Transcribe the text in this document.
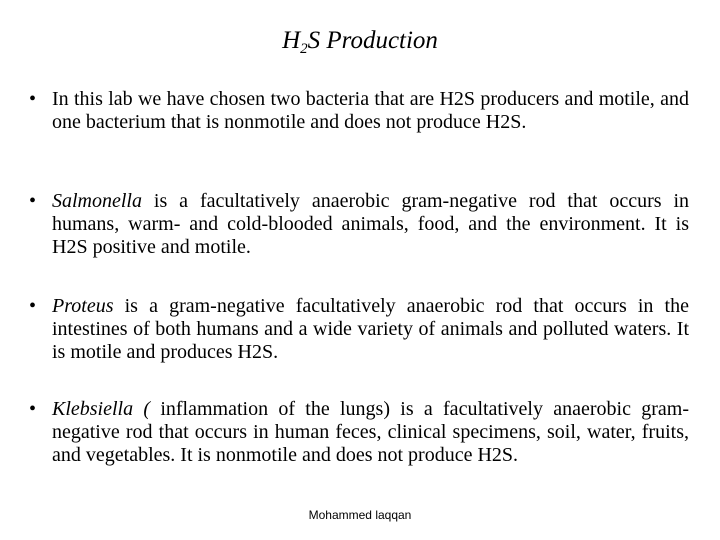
$H_2S$ Production
• In this lab we have chosen two bacteria that are H2S producers and motile, and one bacterium that is nonmotile and does not produce H2S.
• Salmonella is a facultatively anaerobic gram-negative rod that occurs in humans, warm- and cold-blooded animals, food, and the environment. It is H2S positive and motile.
• Proteus is a gram-negative facultatively anaerobic rod that occurs in the intestines of both humans and a wide variety of animals and polluted waters. It is motile and produces H2S.
• Klebsiella ( inflammation of the lungs) is a facultatively anaerobic gram-negative rod that occurs in human feces, clinical specimens, soil, water, fruits, and vegetables. It is nonmotile and does not produce H2S.
Mohammed laqqan
